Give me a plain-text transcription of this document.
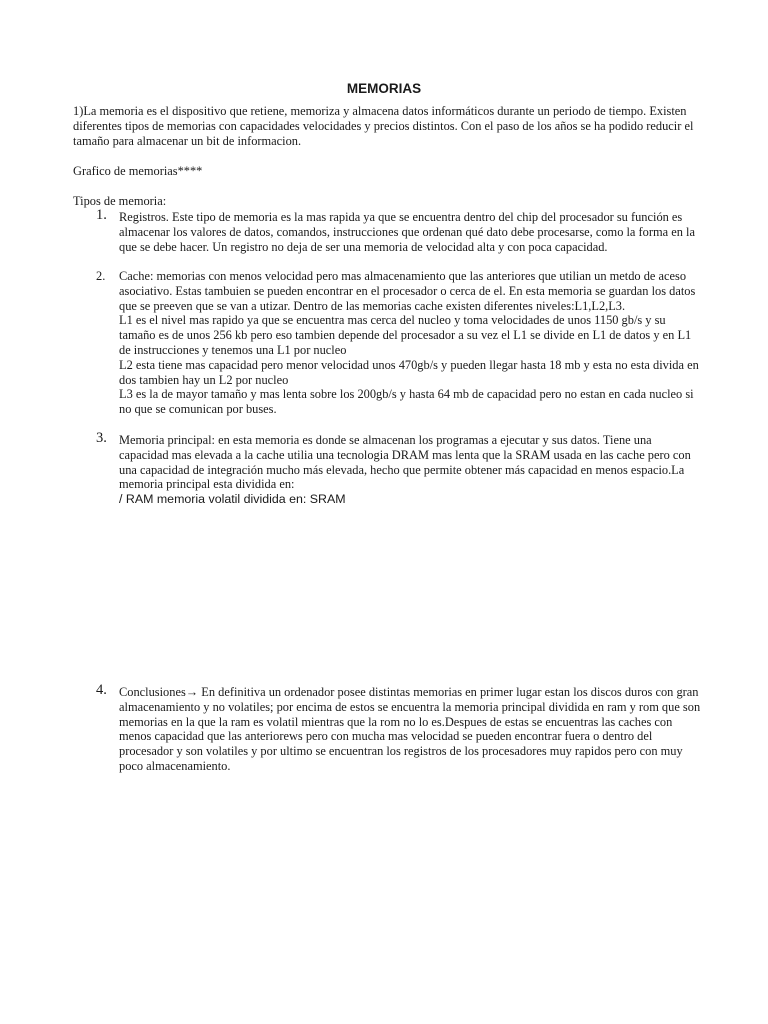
MEMORIAS

1)La memoria es el dispositivo que retiene, memoriza y almacena datos informáticos durante un periodo de tiempo. Existen diferentes tipos de memorias con capacidades velocidades y precios distintos. Con el paso de los años se ha podido reducir el tamaño para almacenar un bit de informacion.

Grafico de memorias****

Tipos de memoria:

1. Registros. Este tipo de memoria es la mas rapida ya que se encuentra dentro del chip del procesador su función es almacenar los valores de datos, comandos, instrucciones que ordenan qué dato debe procesarse, como la forma en la que se debe hacer. Un registro no deja de ser una memoria de velocidad alta y con poca capacidad.
2.	Cache: memorias con menos velocidad pero mas almacenamiento que las anteriores que utilian un metdo de aceso asociativo. Estas tambuien se pueden encontrar en el procesador o cerca de el. En esta memoria se guardan los datos que se preeven que se van a utizar. Dentro de las memorias cache existen diferentes niveles:L1,L2,L3.
L1 es el nivel mas rapido ya que se encuentra mas cerca del nucleo y toma velocidades de unos 1150 gb/s y su tamaño es de unos 256 kb pero eso tambien depende del procesador a su vez el L1 se divide en L1 de datos y en L1 de instrucciones y tenemos una L1 por nucleo
L2 esta tiene mas capacidad pero menor velocidad unos 470gb/s y pueden llegar hasta 18 mb y esta no esta divida en dos tambien hay un L2 por nucleo
L3 es la de mayor tamaño y mas lenta sobre los 200gb/s y hasta 64 mb de capacidad pero no estan en cada nucleo si no que se comunican por buses.
3. Memoria principal: en esta memoria es donde se almacenan los programas a ejecutar y sus datos. Tiene una capacidad mas elevada a la cache utilia una tecnologia DRAM mas lenta que la SRAM usada en las cache pero con una capacidad de integración mucho más elevada, hecho que permite obtener más capacidad en menos espacio.La memoria principal esta dividida en:
/ RAM memoria volatil dividida en: SRAM
4. Conclusiones→ En definitiva un ordenador posee distintas memorias en primer lugar estan los discos duros con gran almacenamiento y no volatiles; por encima de estos se encuentra la memoria principal dividida en ram y rom que son memorias en la que la ram es volatil mientras que la rom no lo es.Despues de estas se encuentras las caches con menos capacidad que las anteriorews pero con mucha mas velocidad se pueden encontrar fuera o dentro del procesador y son volatiles y por ultimo se encuentran los registros de los procesadores muy rapidos pero con muy poco almacenamiento.
